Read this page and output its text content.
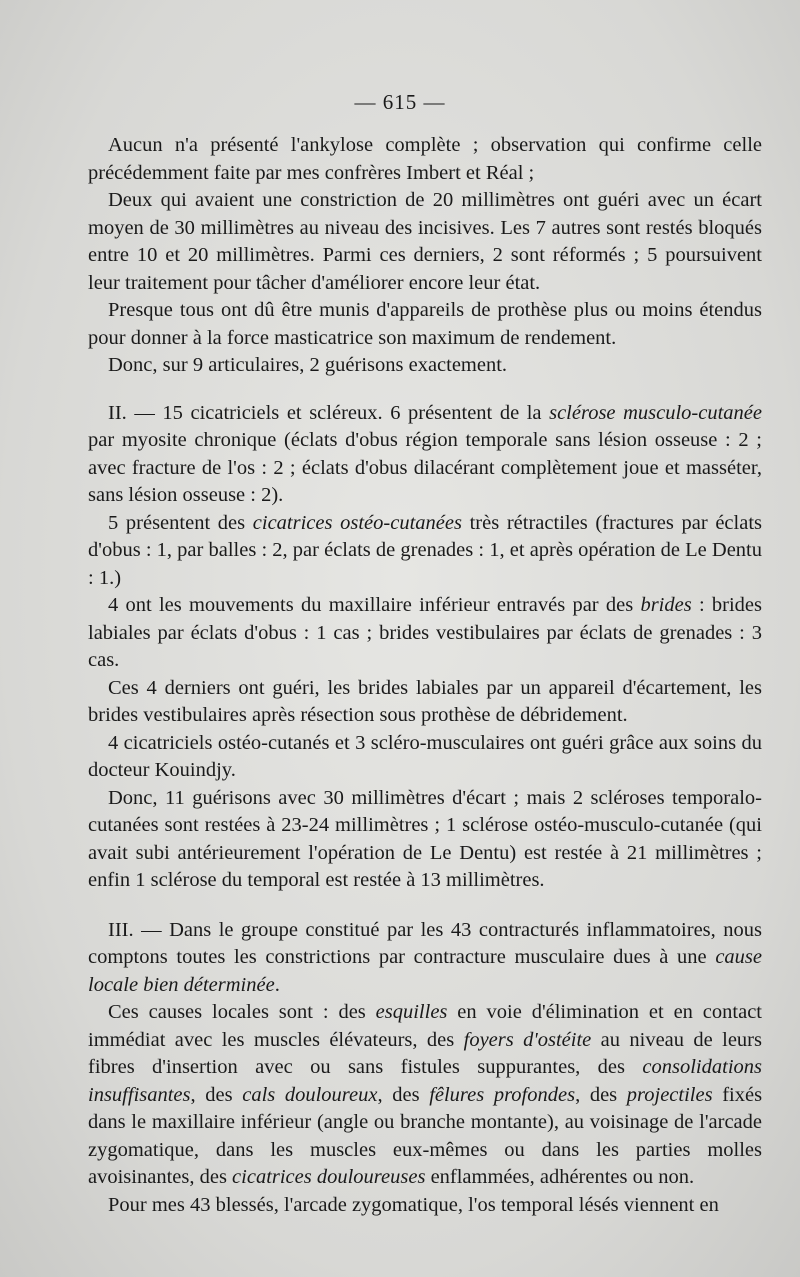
— 615 —

Aucun n'a présenté l'ankylose complète ; observation qui confirme celle précédemment faite par mes confrères Imbert et Réal ;

Deux qui avaient une constriction de 20 millimètres ont guéri avec un écart moyen de 30 millimètres au niveau des incisives. Les 7 autres sont restés bloqués entre 10 et 20 millimètres. Parmi ces derniers, 2 sont réformés ; 5 poursuivent leur traitement pour tâcher d'améliorer encore leur état.

Presque tous ont dû être munis d'appareils de prothèse plus ou moins étendus pour donner à la force masticatrice son maximum de rendement.

Donc, sur 9 articulaires, 2 guérisons exactement.

II. — 15 cicatriciels et scléreux. 6 présentent de la sclérose musculo-cutanée par myosite chronique (éclats d'obus région temporale sans lésion osseuse : 2 ; avec fracture de l'os : 2 ; éclats d'obus dilacérant complètement joue et masséter, sans lésion osseuse : 2).

5 présentent des cicatrices ostéo-cutanées très rétractiles (fractures par éclats d'obus : 1, par balles : 2, par éclats de grenades : 1, et après opération de Le Dentu : 1.)

4 ont les mouvements du maxillaire inférieur entravés par des brides : brides labiales par éclats d'obus : 1 cas ; brides vestibulaires par éclats de grenades : 3 cas.

Ces 4 derniers ont guéri, les brides labiales par un appareil d'écartement, les brides vestibulaires après résection sous prothèse de débridement.

4 cicatriciels ostéo-cutanés et 3 scléro-musculaires ont guéri grâce aux soins du docteur Kouindjy.

Donc, 11 guérisons avec 30 millimètres d'écart ; mais 2 scléroses temporalo-cutanées sont restées à 23-24 millimètres ; 1 sclérose ostéo-musculo-cutanée (qui avait subi antérieurement l'opération de Le Dentu) est restée à 21 millimètres ; enfin 1 sclérose du temporal est restée à 13 millimètres.

III. — Dans le groupe constitué par les 43 contracturés inflammatoires, nous comptons toutes les constrictions par contracture musculaire dues à une cause locale bien déterminée.

Ces causes locales sont : des esquilles en voie d'élimination et en contact immédiat avec les muscles élévateurs, des foyers d'ostéite au niveau de leurs fibres d'insertion avec ou sans fistules suppurantes, des consolidations insuffisantes, des cals douloureux, des fêlures profondes, des projectiles fixés dans le maxillaire inférieur (angle ou branche montante), au voisinage de l'arcade zygomatique, dans les muscles eux-mêmes ou dans les parties molles avoisinantes, des cicatrices douloureuses enflammées, adhérentes ou non.

Pour mes 43 blessés, l'arcade zygomatique, l'os temporal lésés viennent en
